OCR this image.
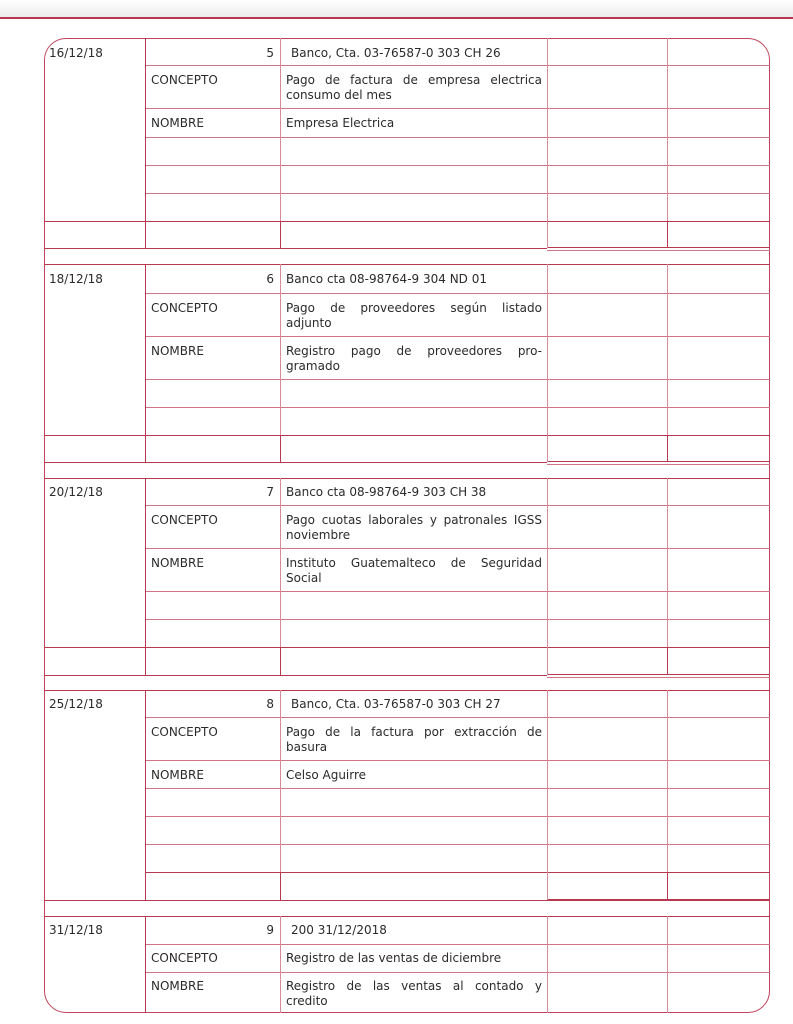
16/12/18	5 Banco, Cta. 03-76587-0 303 CH 26
CONCEPTO	Pago de factura de empresa electrica consumo del mes
NOMBRE	Empresa Electrica
18/12/18	6 Banco cta 08-98764-9 304 ND 01
CONCEPTO	Pago de proveedores según listado adjunto
NOMBRE	Registro pago de proveedores pro-gramado
20/12/18	7 Banco cta 08-98764-9 303 CH 38
CONCEPTO	Pago cuotas laborales y patronales IGSS noviembre
NOMBRE	Instituto Guatemalteco de Seguridad Social
25/12/18	8 Banco, Cta. 03-76587-0 303 CH 27
CONCEPTO	Pago de la factura por extracción de basura
NOMBRE	Celso Aguirre
31/12/18	9 200 31/12/2018
CONCEPTO	Registro de las ventas de diciembre
NOMBRE	Registro de las ventas al contado y credito
